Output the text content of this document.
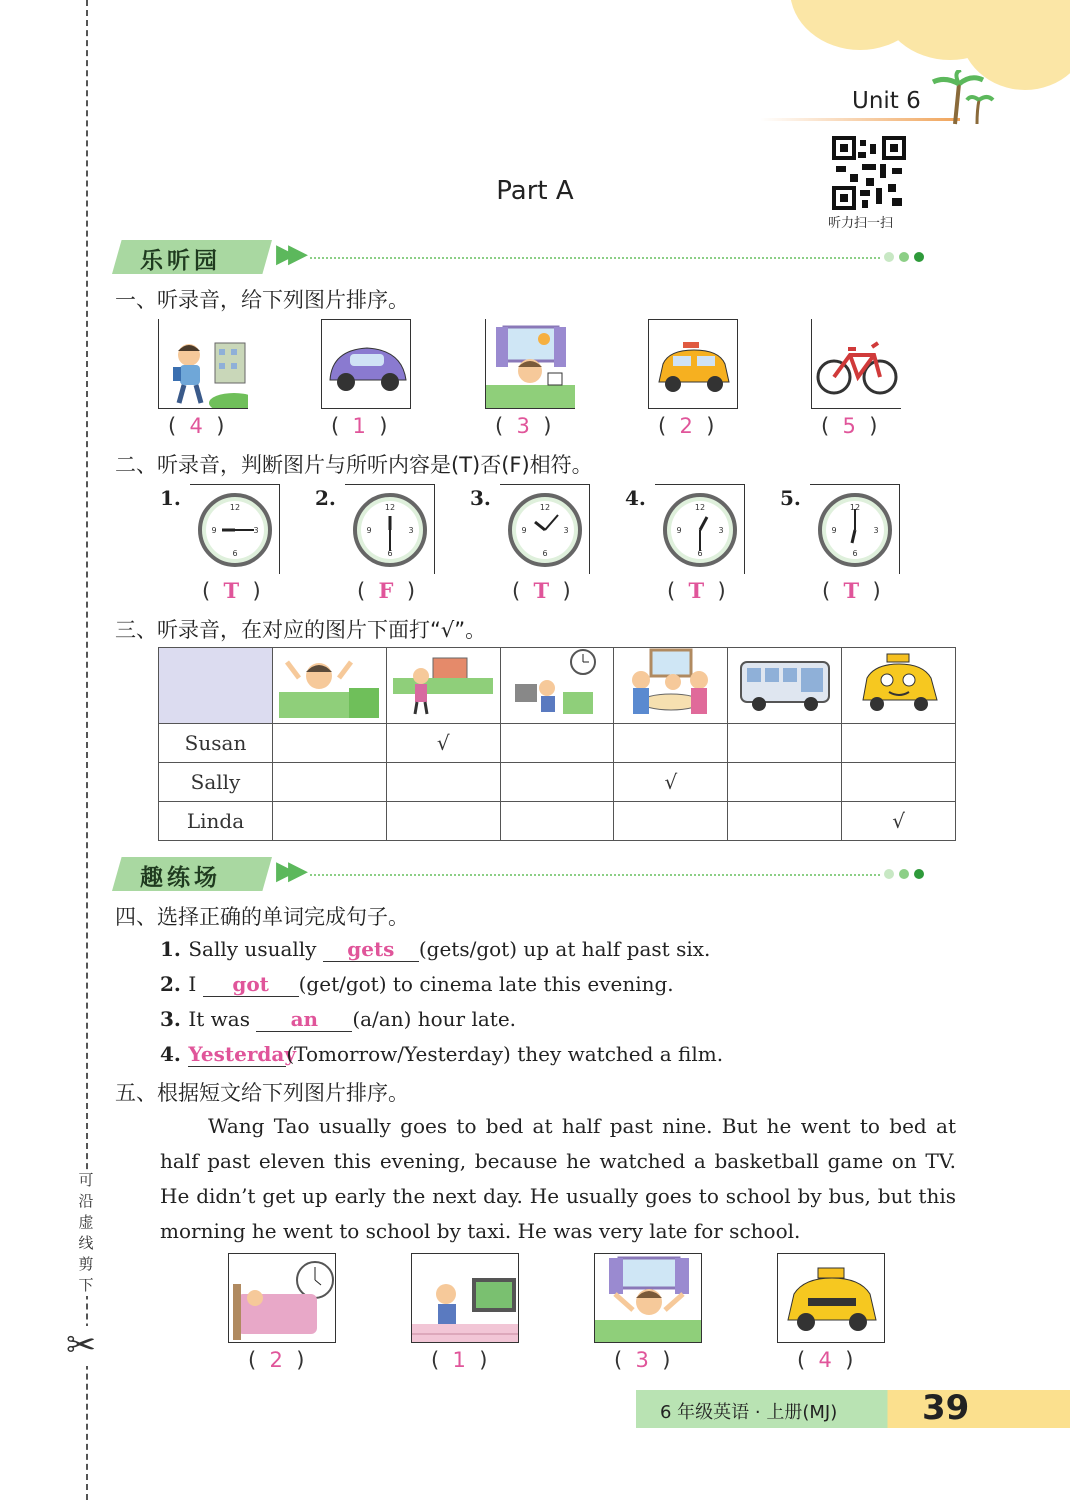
可沿虚线剪下
✂
Unit 6
听力扫一扫
Part A
乐听园 ▶▶
一、听录音，给下列图片排序。
(  4  )	(  1  )	(  3  )	(  2  )	(  5  )
二、听录音，判断图片与所听内容是(T)否(F)相符。
1.	2.	3.	4.	5.
12
3
6
9
12
3
6
9
12
3
6
9
12
3
6
9
12
3
6
9
(  T  )	(  F  )	(  T  )	(  T  )	(  T  )
三、听录音，在对应的图片下面打“√”。

Susan		√				
Sally				√		
Linda						√
趣练场 ▶▶
四、选择正确的单词完成句子。
1. Sally usually gets (gets/got) up at half past six.
2. I got (get/got) to cinema late this evening.
3. It was an (a/an) hour late.
4. Yesterday(Tomorrow/Yesterday) they watched a film.
五、根据短文给下列图片排序。
Wang Tao usually goes to bed at half past nine. But he went to bed at half past eleven this evening, because he watched a basketball game on TV. He didn’t get up early the next day. He usually goes to school by bus, but this morning he went to school by taxi. He was very late for school.
(  2  )	(  1  )	(  3  )	(  4  )
6 年级英语 · 上册(MJ) 39
